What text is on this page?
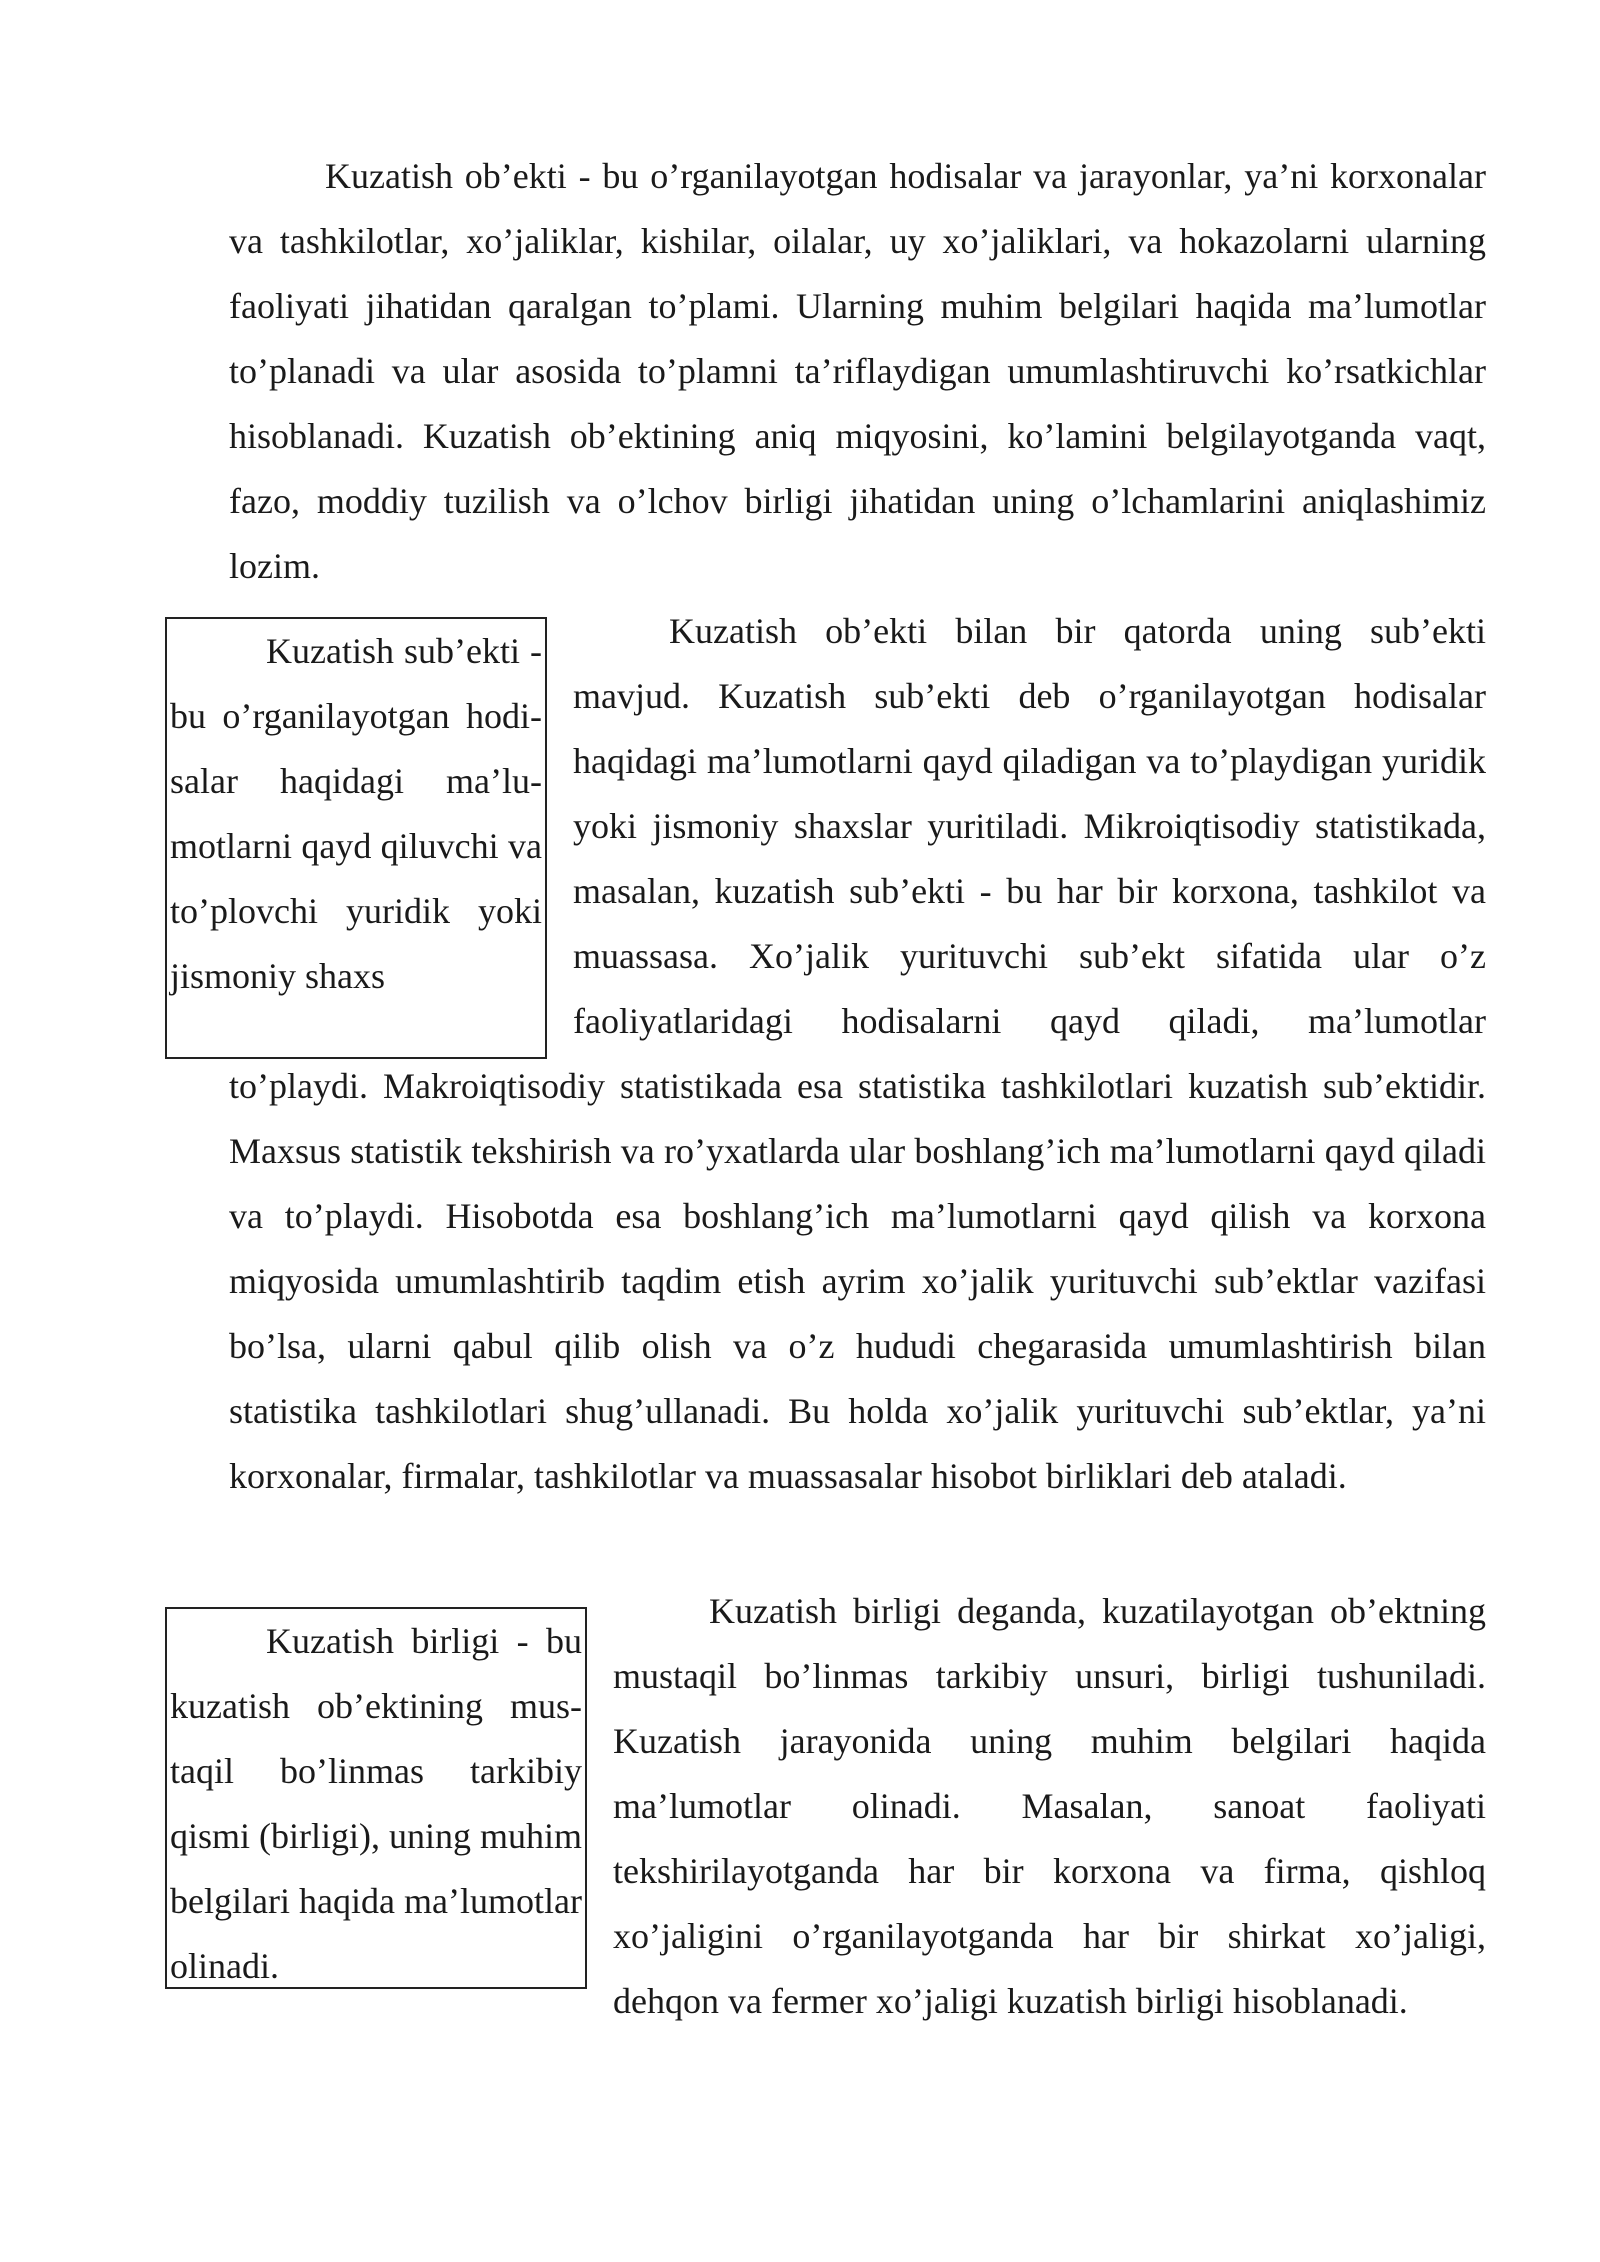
Kuzatish ob’ekti - bu o’rganilayotgan hodisalar va jarayonlar, ya’ni korxonalar va tashkilotlar, xo’jaliklar, kishilar, oilalar, uy xo’jaliklari, va hokazolarni ularning faoliyati jihatidan qaralgan to’plami. Ularning muhim belgilari haqida ma’lumotlar to’planadi va ular asosida to’plamni ta’riflaydigan umumlashtiruvchi ko’rsatkichlar hisoblanadi. Kuzatish ob’ektining aniq miqyosini, ko’lamini belgilayotganda vaqt, fazo, moddiy tuzilish va o’lchov birligi jihatidan uning o’lchamlarini aniqlashimiz lozim.

Kuzatish sub’ekti - bu o’rganilayotgan hodi-salar haqidagi ma’lu-motlarni qayd qiluvchi va to’plovchi yuridik yoki jismoniy shaxs

Kuzatish ob’ekti bilan bir qatorda uning sub’ekti mavjud. Kuzatish sub’ekti deb o’rganilayotgan hodisalar haqidagi ma’lumotlarni qayd qiladigan va to’playdigan yuridik yoki jismoniy shaxslar yuritiladi. Mikroiqtisodiy statistikada, masalan, kuzatish sub’ekti - bu har bir korxona, tashkilot va muassasa. Xo’jalik yurituvchi sub’ekt sifatida ular o’z faoliyatlaridagi hodisalarni qayd qiladi, ma’lumotlar

to’playdi. Makroiqtisodiy statistikada esa statistika tashkilotlari kuzatish sub’ektidir. Maxsus statistik tekshirish va ro’yxatlarda ular boshlang’ich ma’lumotlarni qayd qiladi va to’playdi. Hisobotda esa boshlang’ich ma’lumotlarni qayd qilish va korxona miqyosida umumlashtirib taqdim etish ayrim xo’jalik yurituvchi sub’ektlar vazifasi bo’lsa, ularni qabul qilib olish va o’z hududi chegarasida umumlashtirish bilan statistika tashkilotlari shug’ullanadi. Bu holda xo’jalik yurituvchi sub’ektlar, ya’ni korxonalar, firmalar, tashkilotlar va muassasalar hisobot birliklari deb ataladi.

Kuzatish birligi - bu kuzatish ob’ektining mus-taqil bo’linmas tarkibiy qismi (birligi), uning muhim belgilari haqida ma’lumotlar olinadi.

Kuzatish birligi deganda, kuzatilayotgan ob’ektning mustaqil bo’linmas tarkibiy unsuri, birligi tushuniladi. Kuzatish jarayonida uning muhim belgilari haqida ma’lumotlar olinadi. Masalan, sanoat faoliyati tekshirilayotganda har bir korxona va firma, qishloq xo’jaligini o’rganilayotganda har bir shirkat xo’jaligi, dehqon va fermer xo’jaligi kuzatish birligi hisoblanadi.
